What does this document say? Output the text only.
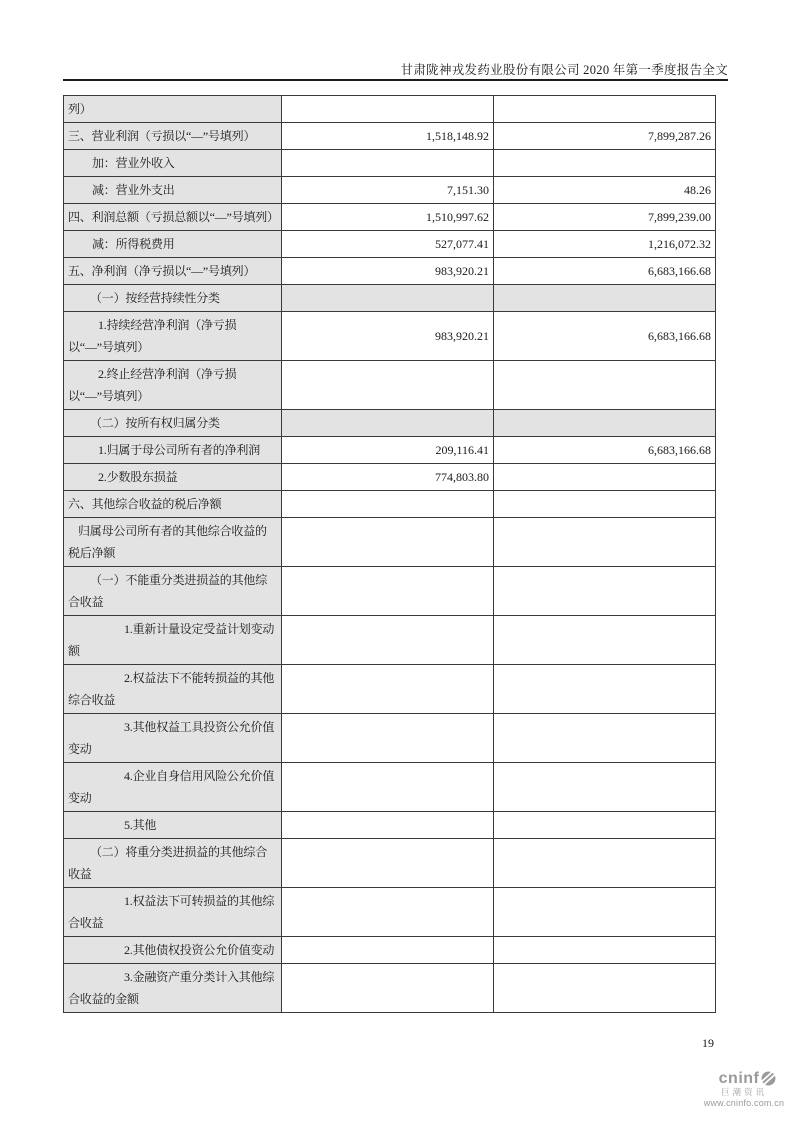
甘肃陇神戎发药业股份有限公司 2020 年第一季度报告全文
列）		
三、营业利润（亏损以“—”号填列）	1,518,148.92	7,899,287.26
加：营业外收入		
减：营业外支出	7,151.30	48.26
四、利润总额（亏损总额以“—”号填列）	1,510,997.62	7,899,239.00
减：所得税费用	527,077.41	1,216,072.32
五、净利润（净亏损以“—”号填列）	983,920.21	6,683,166.68
（一）按经营持续性分类		
1.持续经营净利润（净亏损以“—”号填列）	983,920.21	6,683,166.68
2.终止经营净利润（净亏损以“—”号填列）		
（二）按所有权归属分类		
1.归属于母公司所有者的净利润	209,116.41	6,683,166.68
2.少数股东损益	774,803.80	
六、其他综合收益的税后净额		
归属母公司所有者的其他综合收益的税后净额		
（一）不能重分类进损益的其他综合收益		
1.重新计量设定受益计划变动额		
2.权益法下不能转损益的其他综合收益		
3.其他权益工具投资公允价值变动		
4.企业自身信用风险公允价值变动		
5.其他		
（二）将重分类进损益的其他综合收益		
1.权益法下可转损益的其他综合收益		
2.其他债权投资公允价值变动		
3.金融资产重分类计入其他综合收益的金额		
19
cninf
巨潮资讯
www.cninfo.com.cn
